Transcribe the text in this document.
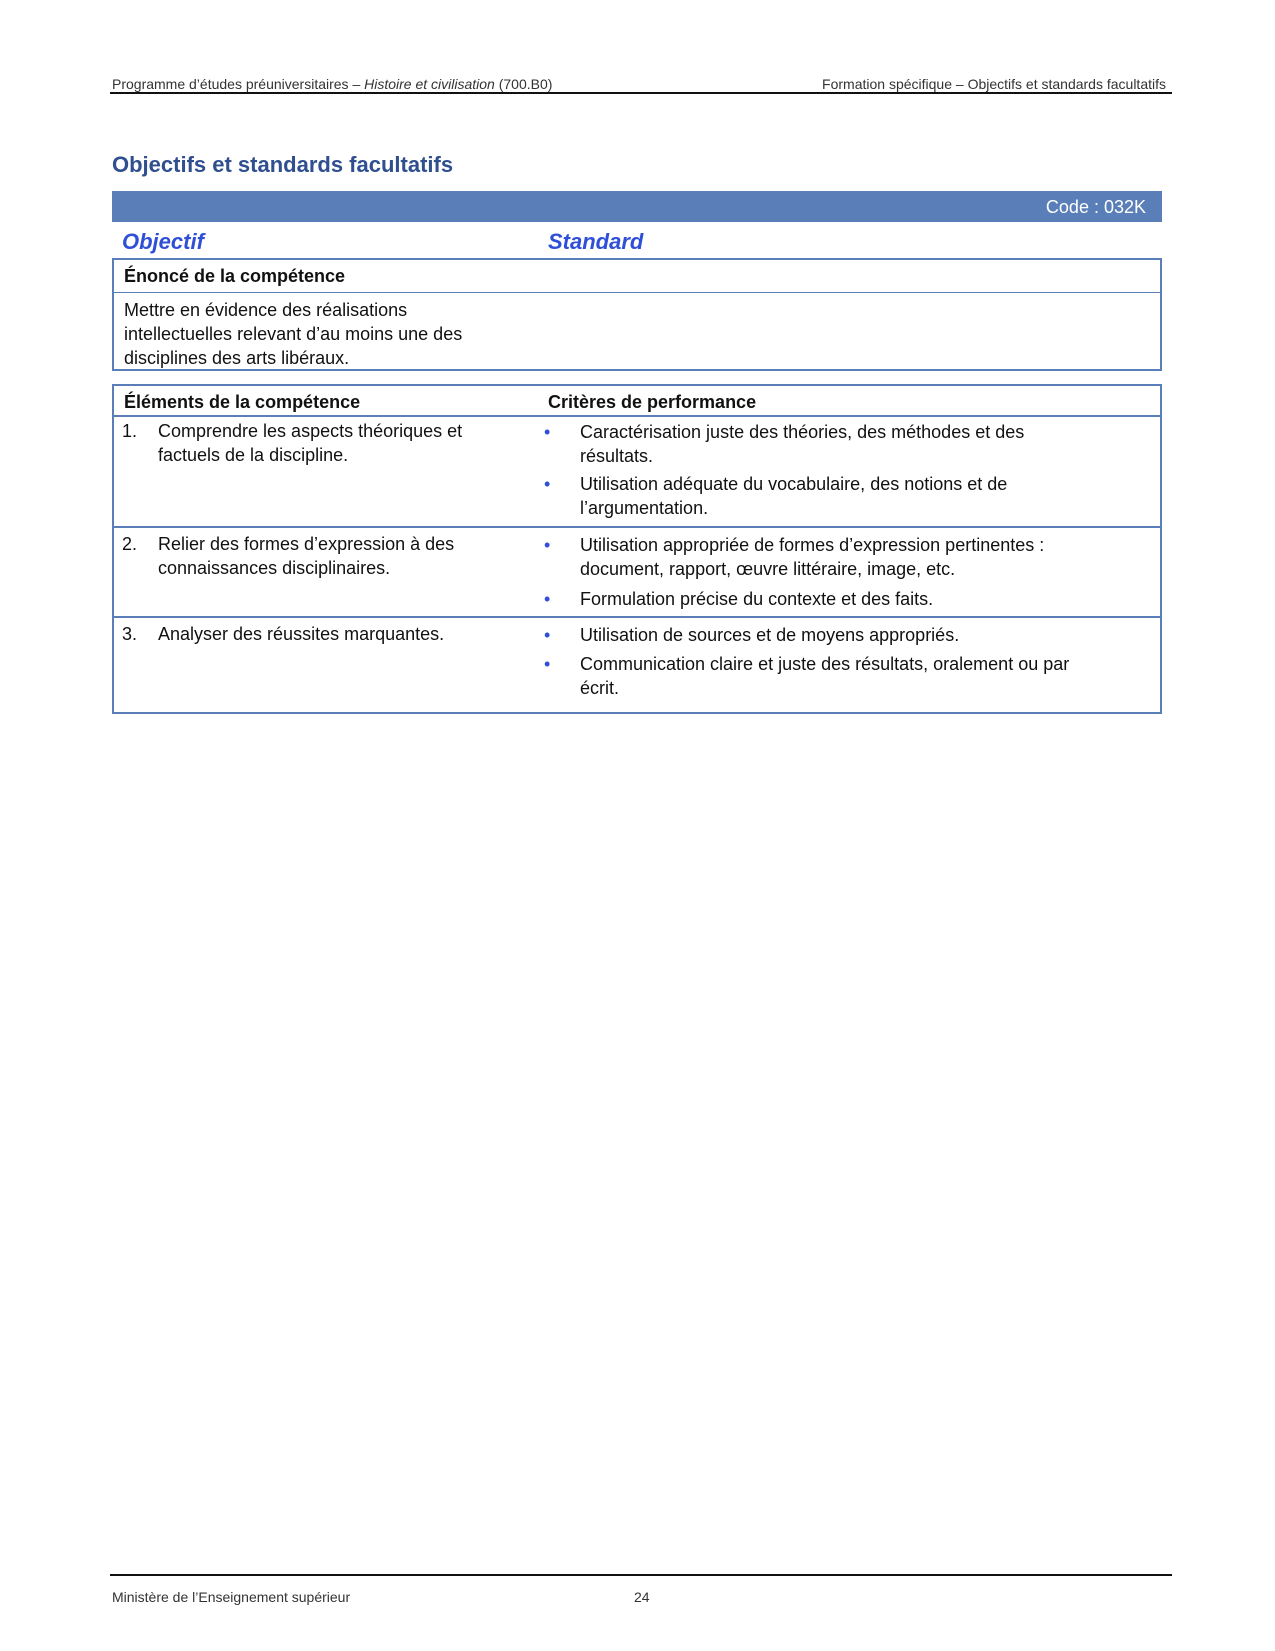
Programme d’études préuniversitaires – Histoire et civilisation (700.B0)	Formation spécifique – Objectifs et standards facultatifs
Objectifs et standards facultatifs
Code : 032K
Objectif	Standard
Énoncé de la compétence
Mettre en évidence des réalisations
intellectuelles relevant d’au moins une des
disciplines des arts libéraux.
Éléments de la compétence	Critères de performance
1. Comprendre les aspects théoriques et
factuels de la discipline.
• Caractérisation juste des théories, des méthodes et des
résultats.
• Utilisation adéquate du vocabulaire, des notions et de
l’argumentation.
2. Relier des formes d’expression à des
connaissances disciplinaires.
• Utilisation appropriée de formes d’expression pertinentes :
document, rapport, œuvre littéraire, image, etc.
• Formulation précise du contexte et des faits.
3. Analyser des réussites marquantes.	• Utilisation de sources et de moyens appropriés.
• Communication claire et juste des résultats, oralement ou par
écrit.
Ministère de l’Enseignement supérieur	24
